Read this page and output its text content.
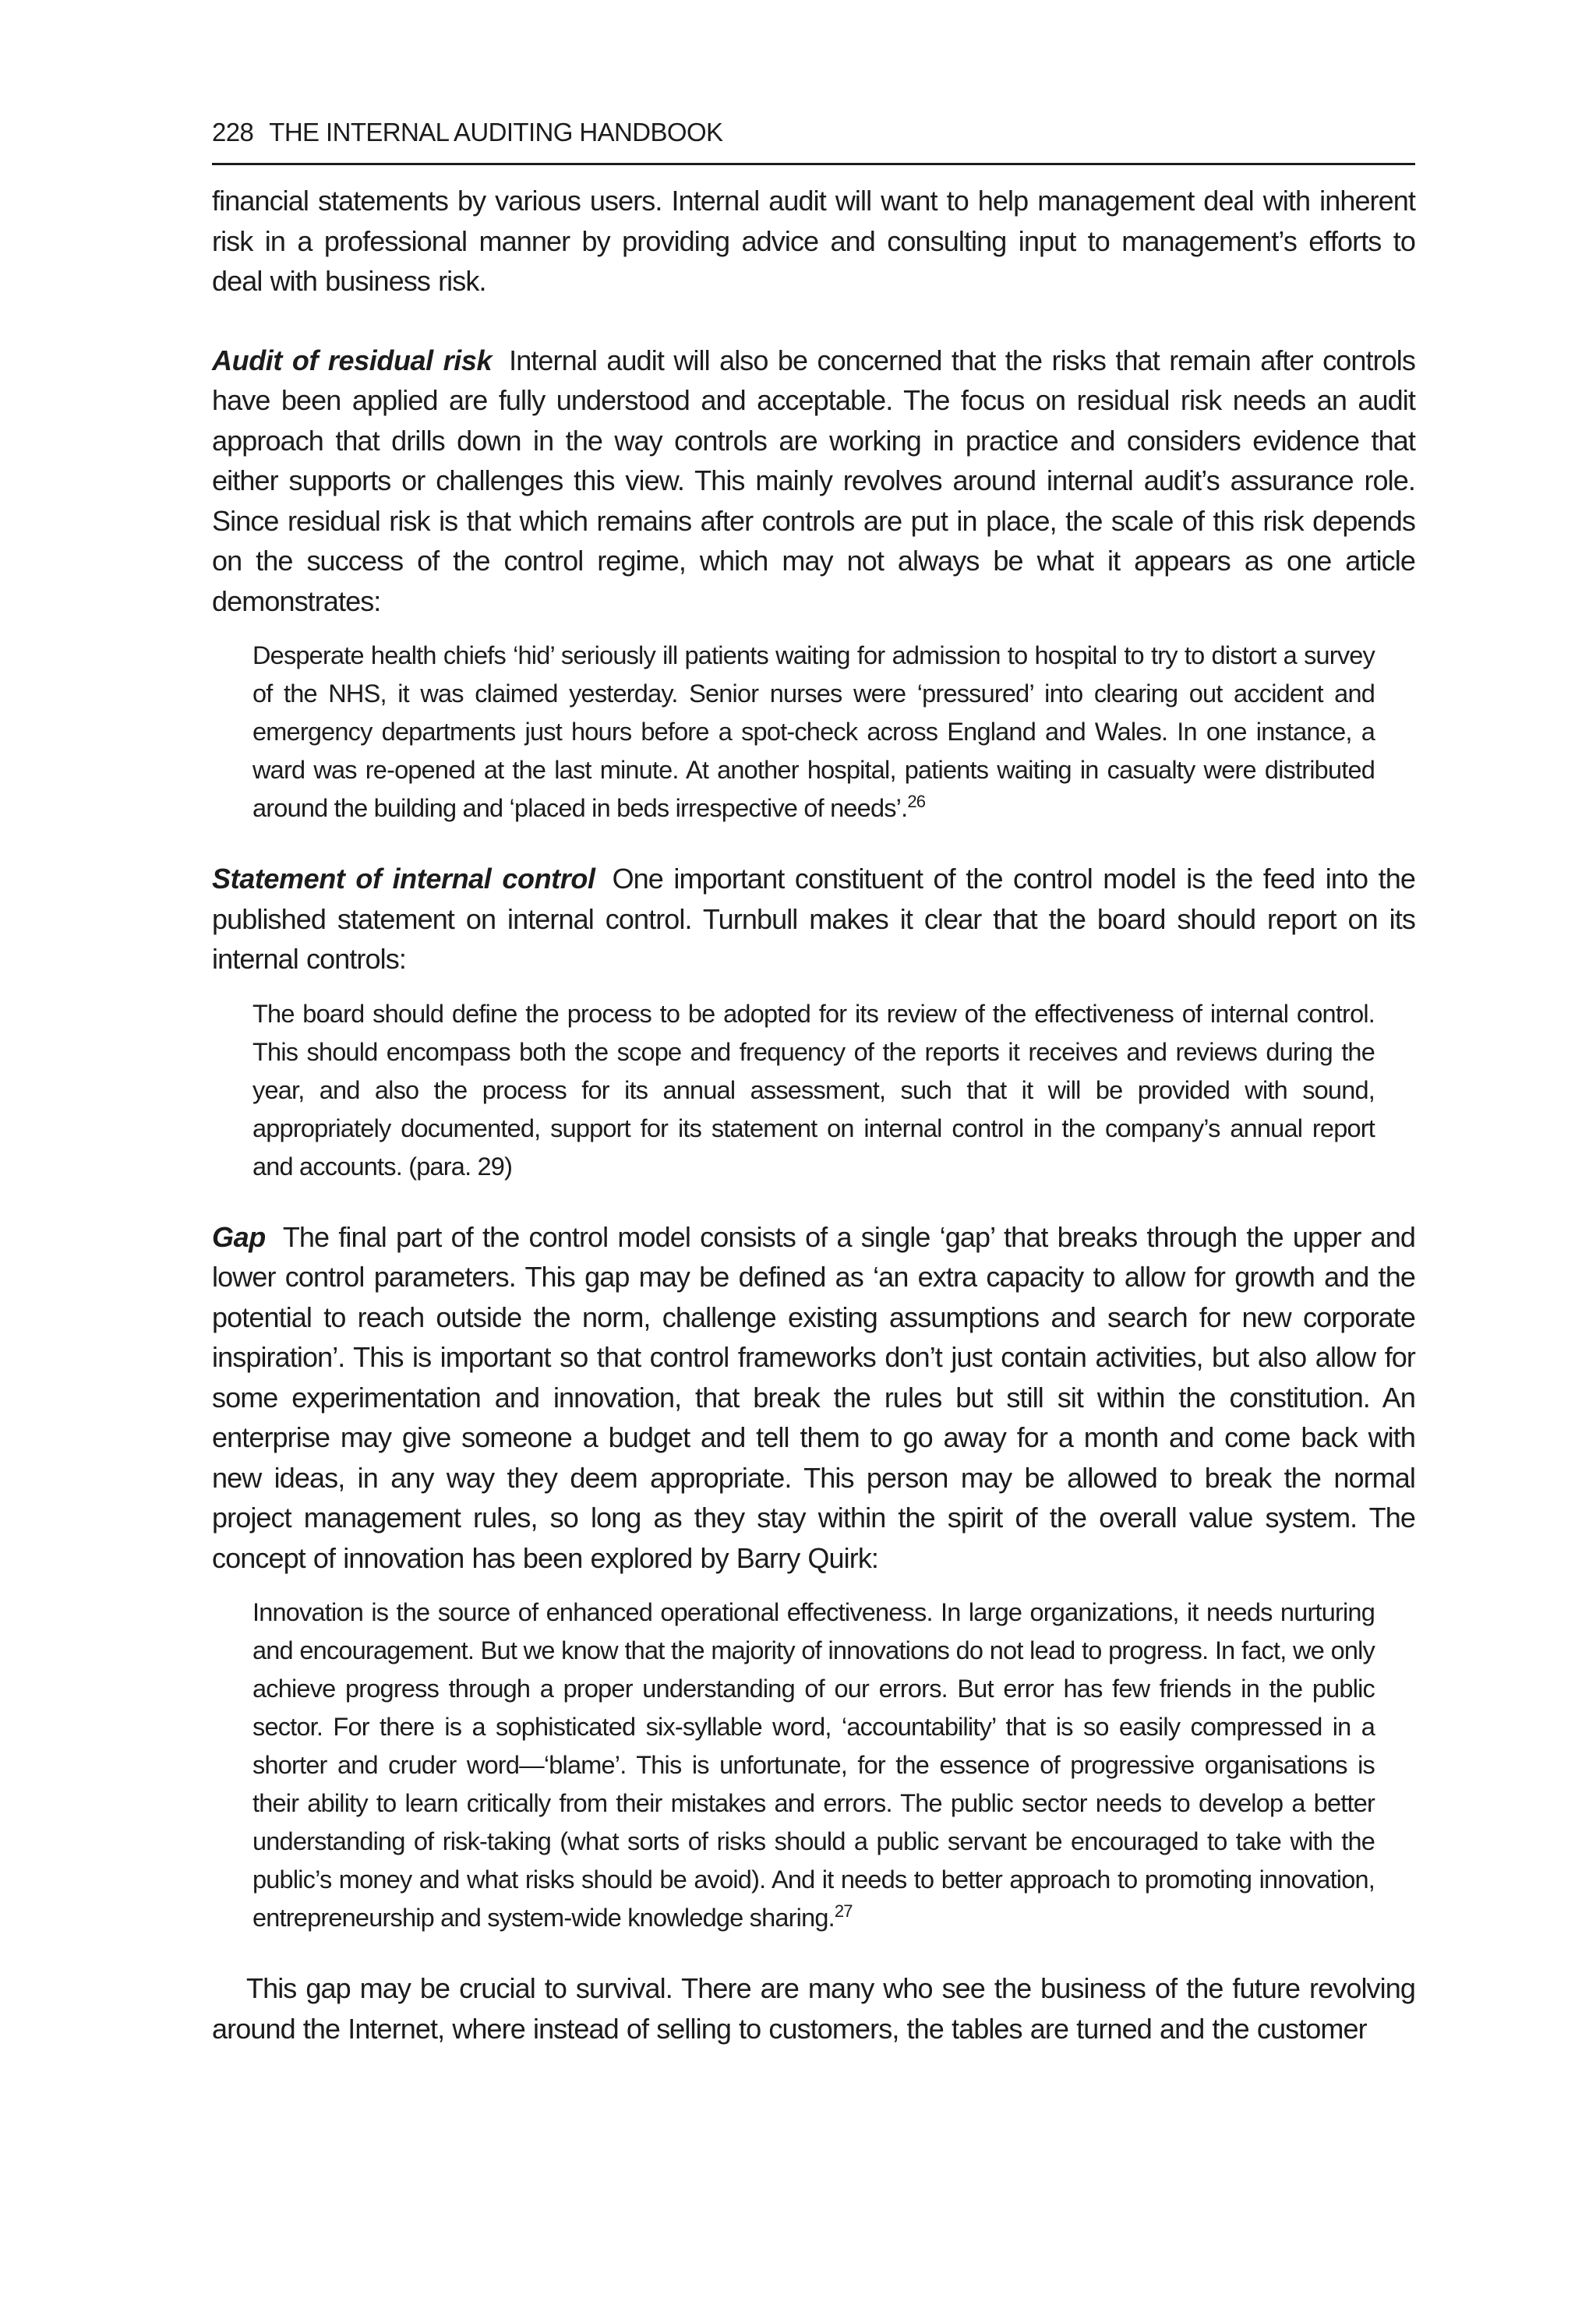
228 THE INTERNAL AUDITING HANDBOOK

financial statements by various users. Internal audit will want to help management deal with inherent risk in a professional manner by providing advice and consulting input to management’s efforts to deal with business risk.

Audit of residual risk Internal audit will also be concerned that the risks that remain after controls have been applied are fully understood and acceptable. The focus on residual risk needs an audit approach that drills down in the way controls are working in practice and considers evidence that either supports or challenges this view. This mainly revolves around internal audit’s assurance role. Since residual risk is that which remains after controls are put in place, the scale of this risk depends on the success of the control regime, which may not always be what it appears as one article demonstrates:

Desperate health chiefs ‘hid’ seriously ill patients waiting for admission to hospital to try to distort a survey of the NHS, it was claimed yesterday. Senior nurses were ‘pressured’ into clearing out accident and emergency departments just hours before a spot-check across England and Wales. In one instance, a ward was re-opened at the last minute. At another hospital, patients waiting in casualty were distributed around the building and ‘placed in beds irrespective of needs’.$^{26}$

Statement of internal control One important constituent of the control model is the feed into the published statement on internal control. Turnbull makes it clear that the board should report on its internal controls:

The board should define the process to be adopted for its review of the effectiveness of internal control. This should encompass both the scope and frequency of the reports it receives and reviews during the year, and also the process for its annual assessment, such that it will be provided with sound, appropriately documented, support for its statement on internal control in the company’s annual report and accounts. (para. 29)

Gap The final part of the control model consists of a single ‘gap’ that breaks through the upper and lower control parameters. This gap may be defined as ‘an extra capacity to allow for growth and the potential to reach outside the norm, challenge existing assumptions and search for new corporate inspiration’. This is important so that control frameworks don’t just contain activities, but also allow for some experimentation and innovation, that break the rules but still sit within the constitution. An enterprise may give someone a budget and tell them to go away for a month and come back with new ideas, in any way they deem appropriate. This person may be allowed to break the normal project management rules, so long as they stay within the spirit of the overall value system. The concept of innovation has been explored by Barry Quirk:

Innovation is the source of enhanced operational effectiveness. In large organizations, it needs nurturing and encouragement. But we know that the majority of innovations do not lead to progress. In fact, we only achieve progress through a proper understanding of our errors. But error has few friends in the public sector. For there is a sophisticated six-syllable word, ‘accountability’ that is so easily compressed in a shorter and cruder word—‘blame’. This is unfortunate, for the essence of progressive organisations is their ability to learn critically from their mistakes and errors. The public sector needs to develop a better understanding of risk-taking (what sorts of risks should a public servant be encouraged to take with the public’s money and what risks should be avoid). And it needs to better approach to promoting innovation, entrepreneurship and system-wide knowledge sharing.$^{27}$

This gap may be crucial to survival. There are many who see the business of the future revolving around the Internet, where instead of selling to customers, the tables are turned and the customer
